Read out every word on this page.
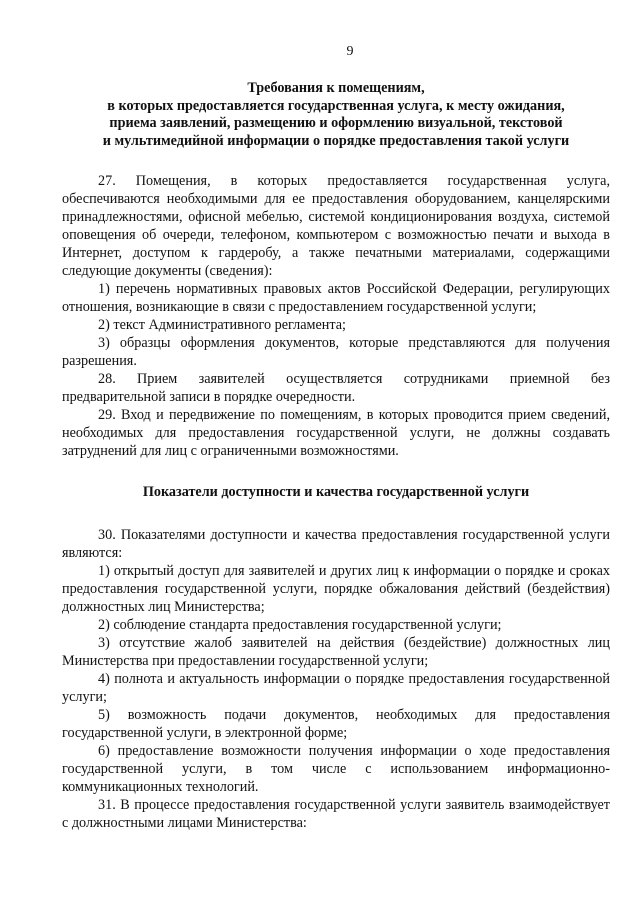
9
Требования к помещениям,
в которых предоставляется государственная услуга, к месту ожидания,
приема заявлений, размещению и оформлению визуальной, текстовой
и мультимедийной информации о порядке предоставления такой услуги

27. Помещения, в которых предоставляется государственная услуга, обеспечиваются необходимыми для ее предоставления оборудованием, канцелярскими принадлежностями, офисной мебелью, системой кондиционирования воздуха, системой оповещения об очереди, телефоном, компьютером с возможностью печати и выхода в Интернет, доступом к гардеробу, а также печатными материалами, содержащими следующие документы (сведения):

1) перечень нормативных правовых актов Российской Федерации, регулирующих отношения, возникающие в связи с предоставлением государственной услуги;

2) текст Административного регламента;

3) образцы оформления документов, которые представляются для получения разрешения.

28. Прием заявителей осуществляется сотрудниками приемной без предварительной записи в порядке очередности.

29. Вход и передвижение по помещениям, в которых проводится прием сведений, необходимых для предоставления государственной услуги, не должны создавать затруднений для лиц с ограниченными возможностями.

Показатели доступности и качества государственной услуги

30. Показателями доступности и качества предоставления государственной услуги являются:

1) открытый доступ для заявителей и других лиц к информации о порядке и сроках предоставления государственной услуги, порядке обжалования действий (бездействия) должностных лиц Министерства;

2) соблюдение стандарта предоставления государственной услуги;

3) отсутствие жалоб заявителей на действия (бездействие) должностных лиц Министерства при предоставлении государственной услуги;

4) полнота и актуальность информации о порядке предоставления государственной услуги;

5) возможность подачи документов, необходимых для предоставления государственной услуги, в электронной форме;

6) предоставление возможности получения информации о ходе предоставления государственной услуги, в том числе с использованием информационно-коммуникационных технологий.

31. В процессе предоставления государственной услуги заявитель взаимодействует с должностными лицами Министерства:
